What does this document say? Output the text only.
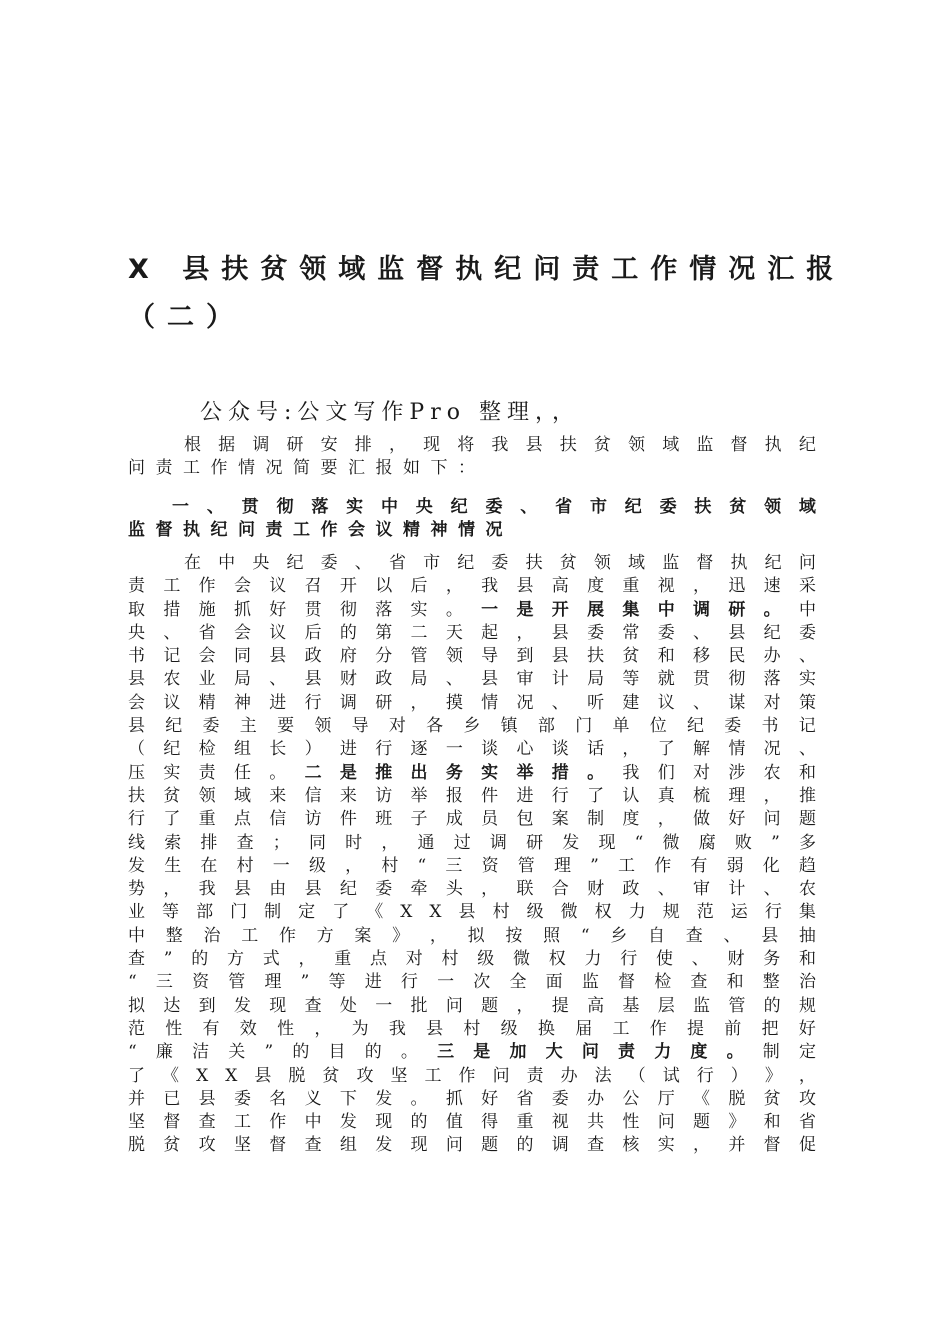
X 县扶贫领域监督执纪问责工作情况汇报
（二）

公众号:公文写作Pro 整理，，

根 据 调 研 安 排 ， 现 将 我 县 扶 贫 领 域 监 督 执 纪
问责工作情况简要汇报如下：
一 、 贯 彻 落 实 中 央 纪 委 、 省 市 纪 委 扶 贫 领 域
监督执纪问责工作会议精神情况
在 中 央 纪 委 、 省 市 纪 委 扶 贫 领 域 监 督 执 纪 问
责 工 作 会 议 召 开 以 后 ， 我 县 高 度 重 视 ， 迅 速 采
取 措 施 抓 好 贯 彻 落 实 。 一 是 开 展 集 中 调 研 。 中
央 、 省 会 议 后 的 第 二 天 起 ， 县 委 常 委 、 县 纪 委
书 记 会 同 县 政 府 分 管 领 导 到 县 扶 贫 和 移 民 办 、
县 农 业 局 、 县 财 政 局 、 县 审 计 局 等 就 贯 彻 落 实
会 议 精 神 进 行 调 研 ， 摸 情 况 、 听 建 议 、 谋 对 策
县 纪 委 主 要 领 导 对 各 乡 镇 部 门 单 位 纪 委 书 记
（ 纪 检 组 长 ） 进 行 逐 一 谈 心 谈 话 ， 了 解 情 况 、
压 实 责 任 。 二 是 推 出 务 实 举 措 。 我 们 对 涉 农 和
扶 贫 领 域 来 信 来 访 举 报 件 进 行 了 认 真 梳 理 ， 推
行 了 重 点 信 访 件 班 子 成 员 包 案 制 度 ， 做 好 问 题
线 索 排 查 ； 同 时 ， 通 过 调 研 发 现 “ 微 腐 败 ” 多
发 生 在 村 一 级 ， 村 “ 三 资 管 理 ” 工 作 有 弱 化 趋
势 ， 我 县 由 县 纪 委 牵 头 ， 联 合 财 政 、 审 计 、 农
业 等 部 门 制 定 了 《 X X 县 村 级 微 权 力 规 范 运 行 集
中 整 治 工 作 方 案 》 ， 拟 按 照 “ 乡 自 查 、 县 抽
查 ” 的 方 式 ， 重 点 对 村 级 微 权 力 行 使 、 财 务 和
“ 三 资 管 理 ” 等 进 行 一 次 全 面 监 督 检 查 和 整 治
拟 达 到 发 现 查 处 一 批 问 题 ， 提 高 基 层 监 管 的 规
范 性 有 效 性 ， 为 我 县 村 级 换 届 工 作 提 前 把 好
“ 廉 洁 关 ” 的 目 的 。 三 是 加 大 问 责 力 度 。 制 定
了 《 X X 县 脱 贫 攻 坚 工 作 问 责 办 法 （ 试 行 ） 》 ，
并 已 县 委 名 义 下 发 。 抓 好 省 委 办 公 厅 《 脱 贫 攻
坚 督 查 工 作 中 发 现 的 值 得 重 视 共 性 问 题 》 和 省
脱 贫 攻 坚 督 查 组 发 现 问 题 的 调 查 核 实 ， 并 督 促
